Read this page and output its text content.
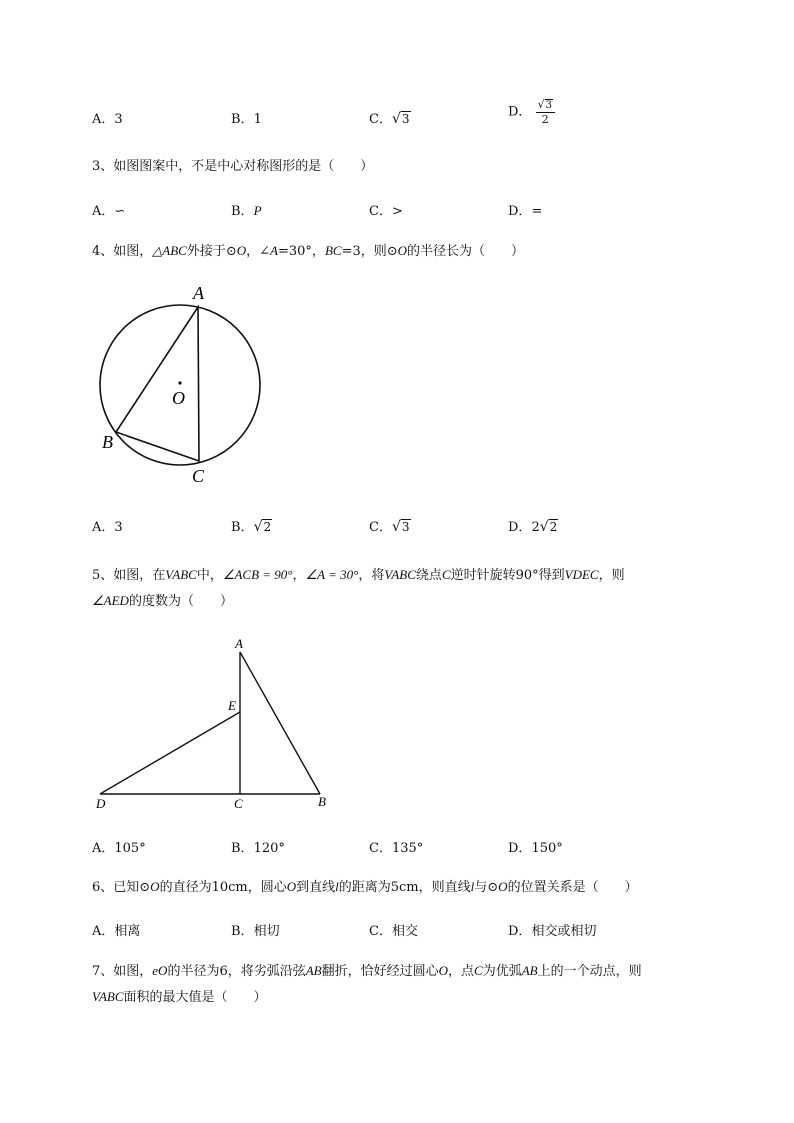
A．3	B．1	C．√3	D． $\frac{√3}{2}$
3、如图图案中，不是中心对称图形的是（　　）
A．∽	B．P	C．>	D．=
4、如图，△ABC外接于⊙O，∠A=30°，BC=3，则⊙O的半径长为（　　）
A
O
B
C
A．3	B．√2	C．√3	D．2√2
5、如图，在VABC中，∠ACB = 90°，∠A = 30°，将VABC绕点C逆时针旋转90°得到VDEC，则
∠AED的度数为（　　）
A
E
D	C	B
A．105°	B．120°	C．135°	D．150°
6、已知⊙O的直径为10cm，圆心O到直线l的距离为5cm，则直线l与⊙O的位置关系是（　　）
A．相离	B．相切	C．相交	D．相交或相切
7、如图，eO的半径为6，将劣弧沿弦AB翻折，恰好经过圆心O，点C为优弧AB上的一个动点，则
VABC面积的最大值是（　　）
